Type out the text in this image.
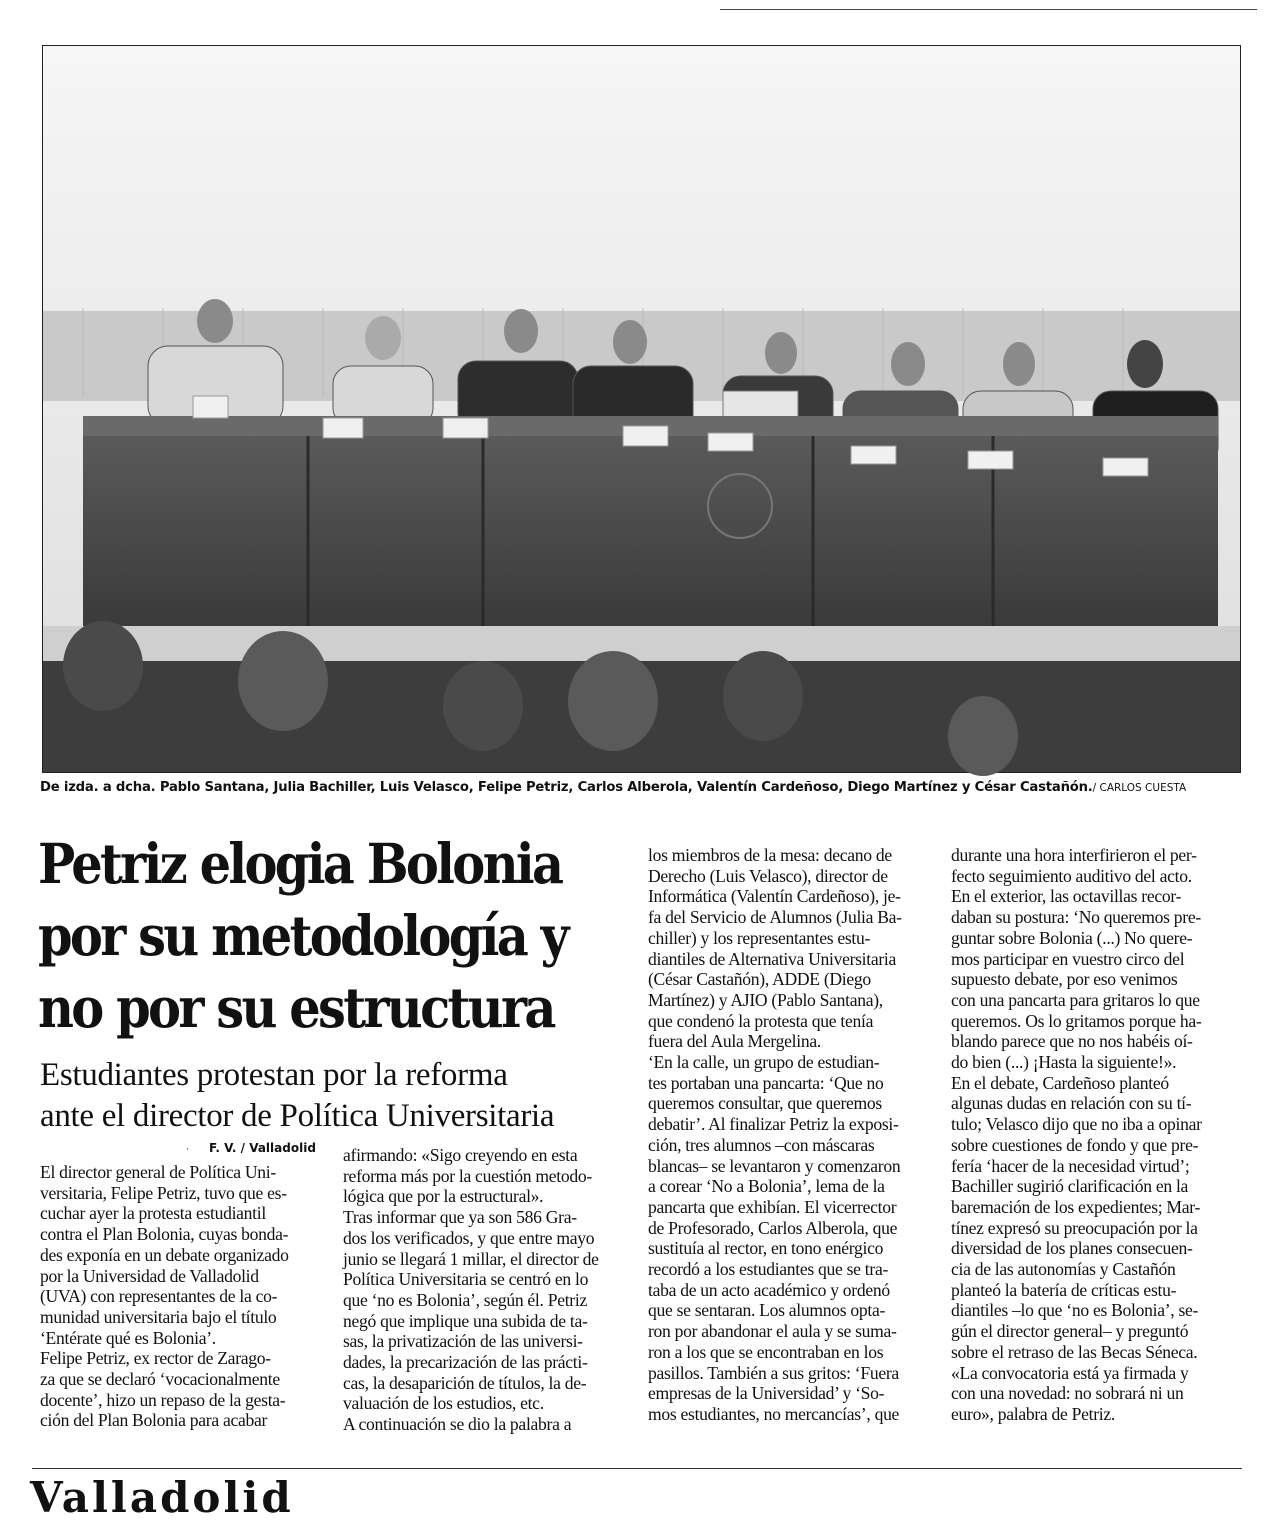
De izda. a dcha. Pablo Santana, Julia Bachiller, Luis Velasco, Felipe Petriz, Carlos Alberola, Valentín Cardeñoso, Diego Martínez y César Castañón./ CARLOS CUESTA
Petriz elogia Bolonia
por su metodología y
no por su estructura
Estudiantes protestan por la reforma
ante el director de Política Universitaria
· F. V. / Valladolid

El director general de Política Uni-
versitaria, Felipe Petriz, tuvo que es-
cuchar ayer la protesta estudiantil
contra el Plan Bolonia, cuyas bonda-
des exponía en un debate organizado
por la Universidad de Valladolid
(UVA) con representantes de la co-
munidad universitaria bajo el título
‘Entérate qué es Bolonia’.
Felipe Petriz, ex rector de Zarago-
za que se declaró ‘vocacionalmente
docente’, hizo un repaso de la gesta-
ción del Plan Bolonia para acabar

afirmando: «Sigo creyendo en esta
reforma más por la cuestión metodo-
lógica que por la estructural».
Tras informar que ya son 586 Gra-
dos los verificados, y que entre mayo
junio se llegará 1 millar, el director de
Política Universitaria se centró en lo
que ‘no es Bolonia’, según él. Petriz
negó que implique una subida de ta-
sas, la privatización de las universi-
dades, la precarización de las prácti-
cas, la desaparición de títulos, la de-
valuación de los estudios, etc.
A continuación se dio la palabra a

los miembros de la mesa: decano de
Derecho (Luis Velasco), director de
Informática (Valentín Cardeñoso), je-
fa del Servicio de Alumnos (Julia Ba-
chiller) y los representantes estu-
diantiles de Alternativa Universitaria
(César Castañón), ADDE (Diego
Martínez) y AJIO (Pablo Santana),
que condenó la protesta que tenía
fuera del Aula Mergelina.
‘En la calle, un grupo de estudian-
tes portaban una pancarta: ‘Que no
queremos consultar, que queremos
debatir’. Al finalizar Petriz la exposi-
ción, tres alumnos –con máscaras
blancas– se levantaron y comenzaron
a corear ‘No a Bolonia’, lema de la
pancarta que exhibían. El vicerrector
de Profesorado, Carlos Alberola, que
sustituía al rector, en tono enérgico
recordó a los estudiantes que se tra-
taba de un acto académico y ordenó
que se sentaran. Los alumnos opta-
ron por abandonar el aula y se suma-
ron a los que se encontraban en los
pasillos. También a sus gritos: ‘Fuera
empresas de la Universidad’ y ‘So-
mos estudiantes, no mercancías’, que

durante una hora interfirieron el per-
fecto seguimiento auditivo del acto.
En el exterior, las octavillas recor-
daban su postura: ‘No queremos pre-
guntar sobre Bolonia (...) No quere-
mos participar en vuestro circo del
supuesto debate, por eso venimos
con una pancarta para gritaros lo que
queremos. Os lo gritamos porque ha-
blando parece que no nos habéis oí-
do bien (...) ¡Hasta la siguiente!».
En el debate, Cardeñoso planteó
algunas dudas en relación con su tí-
tulo; Velasco dijo que no iba a opinar
sobre cuestiones de fondo y que pre-
fería ‘hacer de la necesidad virtud’;
Bachiller sugirió clarificación en la
baremación de los expedientes; Mar-
tínez expresó su preocupación por la
diversidad de los planes consecuen-
cia de las autonomías y Castañón
planteó la batería de críticas estu-
diantiles –lo que ‘no es Bolonia’, se-
gún el director general– y preguntó
sobre el retraso de las Becas Séneca.
«La convocatoria está ya firmada y
con una novedad: no sobrará ni un
euro», palabra de Petriz.

Valladolid
